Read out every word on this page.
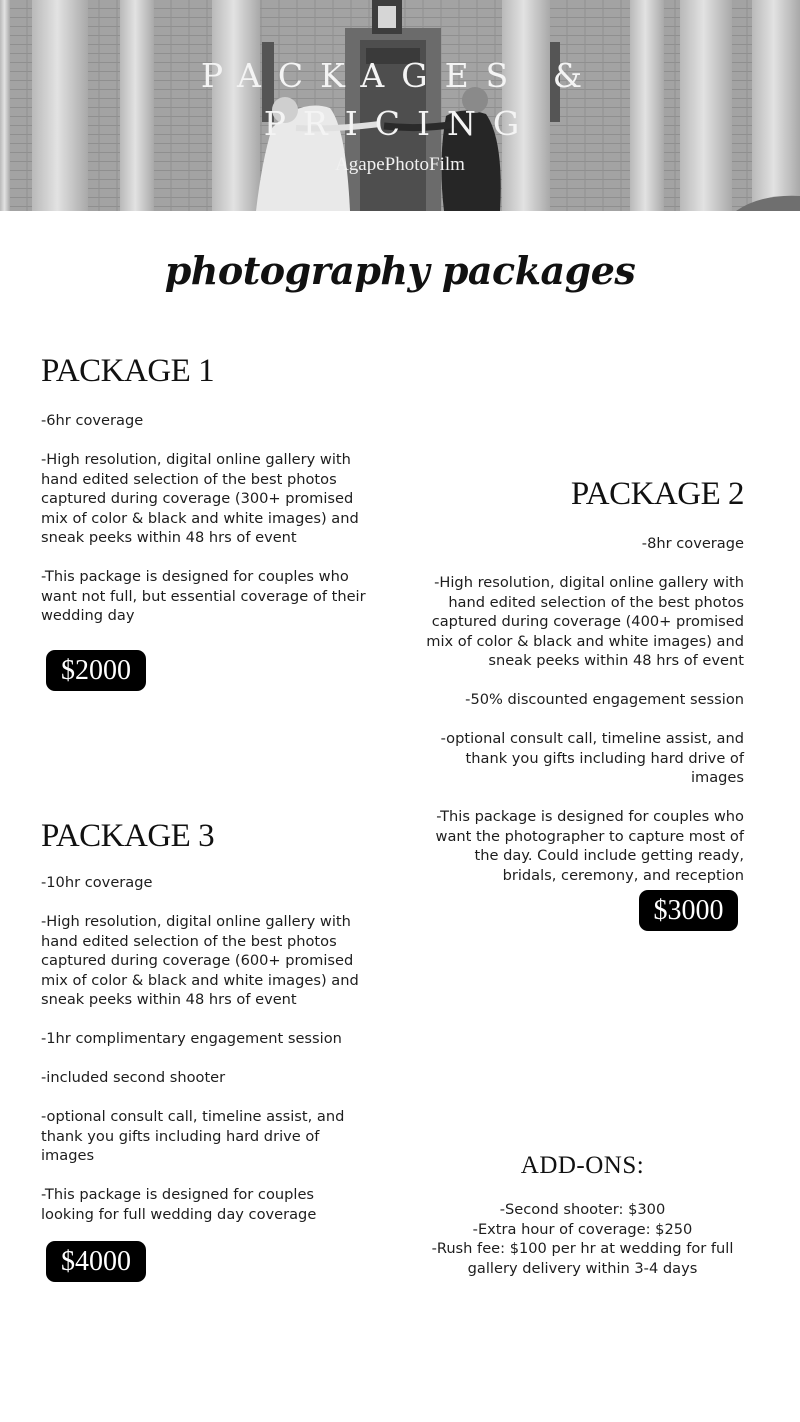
PACKAGES &
PRICING
AgapePhotoFilm
photography packages
PACKAGE 1

-6hr coverage

-High resolution, digital online gallery with hand edited selection of the best photos captured during coverage (300+ promised mix of color & black and white images) and sneak peeks within 48 hrs of event

-This package is designed for couples who want not full, but essential coverage of their wedding day

$2000
PACKAGE 2

-8hr coverage

-High resolution, digital online gallery with hand edited selection of the best photos captured during coverage (400+ promised mix of color & black and white images) and sneak peeks within 48 hrs of event

-50% discounted engagement session

-optional consult call, timeline assist, and thank you gifts including hard drive of images

-This package is designed for couples who want the photographer to capture most of the day. Could include getting ready, bridals, ceremony, and reception

$3000
PACKAGE 3

-10hr coverage

-High resolution, digital online gallery with hand edited selection of the best photos captured during coverage (600+ promised mix of color & black and white images) and sneak peeks within 48 hrs of event

-1hr complimentary engagement session

-included second shooter

-optional consult call, timeline assist, and thank you gifts including hard drive of images

-This package is designed for couples looking for full wedding day coverage

$4000
ADD-ONS:

-Second shooter: $300

-Extra hour of coverage: $250

-Rush fee: $100 per hr at wedding for full gallery delivery within 3-4 days
